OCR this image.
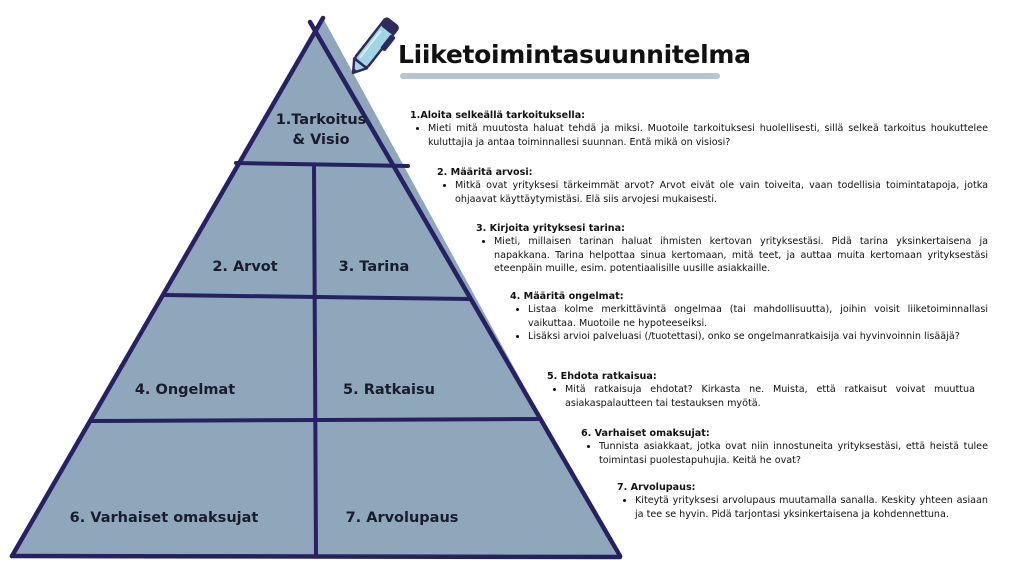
1.Tarkoitus
& Visio
2. Arvot	3. Tarina
4. Ongelmat	5. Ratkaisu
6. Varhaiset omaksujat	7. Arvolupaus
Liiketoimintasuunnitelma
1.Aloita selkeällä tarkoituksella:
• Mieti mitä muutosta haluat tehdä ja miksi. Muotoile tarkoituksesi huolellisesti, sillä selkeä tarkoitus houkuttelee kuluttajia ja antaa toiminnallesi suunnan. Entä mikä on visiosi?
2. Määritä arvosi:
• Mitkä ovat yrityksesi tärkeimmät arvot? Arvot eivät ole vain toiveita, vaan todellisia toimintatapoja, jotka ohjaavat käyttäytymistäsi. Elä siis arvojesi mukaisesti.
3. Kirjoita yrityksesi tarina:
• Mieti, millaisen tarinan haluat ihmisten kertovan yrityksestäsi. Pidä tarina yksinkertaisena ja napakkana. Tarina helpottaa sinua kertomaan, mitä teet, ja auttaa muita kertomaan yrityksestäsi eteenpäin muille, esim. potentiaalisille uusille asiakkaille.
4. Määritä ongelmat:
• Listaa kolme merkittävintä ongelmaa (tai mahdollisuutta), joihin voisit liiketoiminnallasi vaikuttaa. Muotoile ne hypoteeseiksi.
• Lisäksi arvioi palveluasi (/tuotettasi), onko se ongelmanratkaisija vai hyvinvoinnin lisääjä?
5. Ehdota ratkaisua:
• Mitä ratkaisuja ehdotat? Kirkasta ne. Muista, että ratkaisut voivat muuttua asiakaspalautteen tai testauksen myötä.
6. Varhaiset omaksujat:
• Tunnista asiakkaat, jotka ovat niin innostuneita yrityksestäsi, että heistä tulee toimintasi puolestapuhujia. Keitä he ovat?
7. Arvolupaus:
• Kiteytä yrityksesi arvolupaus muutamalla sanalla. Keskity yhteen asiaan ja tee se hyvin. Pidä tarjontasi yksinkertaisena ja kohdennettuna.
